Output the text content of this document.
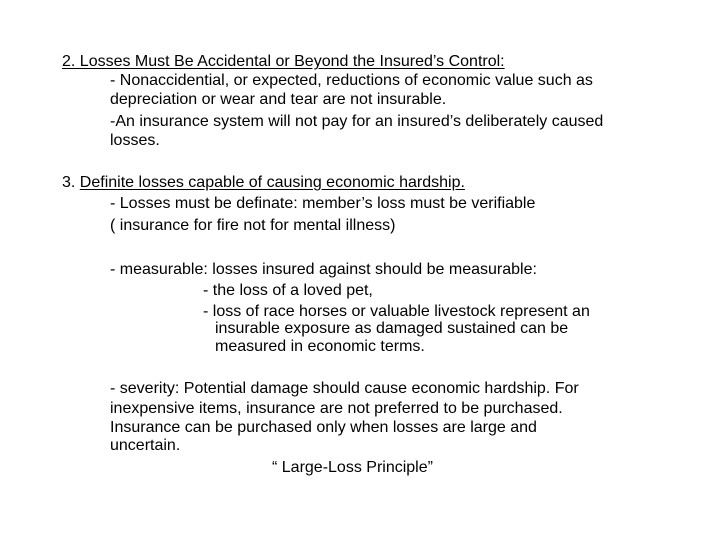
2. Losses Must Be Accidental or Beyond the Insured’s Control:

- Nonaccidential, or expected, reductions of economic value such as

depreciation or wear and tear are not insurable.

-An insurance system will not pay for an insured’s deliberately caused

losses.

3. Definite losses capable of causing economic hardship.

- Losses must be definate: member’s loss must be verifiable

( insurance for fire not for mental illness)

- measurable: losses insured against should be measurable:

- the loss of a loved pet,

- loss of race horses or valuable livestock represent an

insurable exposure as damaged sustained can be

measured in economic terms.

- severity: Potential damage should cause economic hardship. For

inexpensive items, insurance are not preferred to be purchased.

Insurance can be purchased only when losses are large and

uncertain.

“ Large-Loss Principle”
